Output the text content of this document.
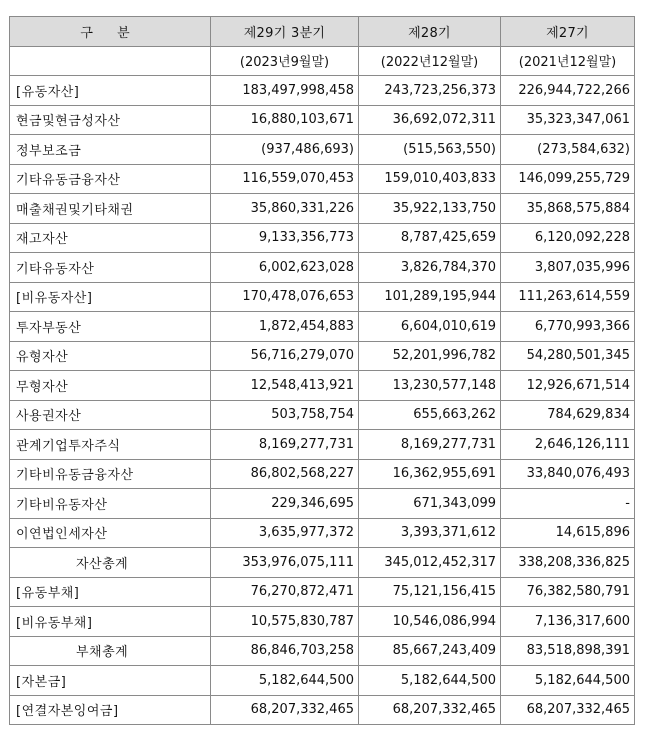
구 분	제29기 3분기	제28기	제27기
	(2023년9월말)	(2022년12월말)	(2021년12월말)
[유동자산]	183,497,998,458	243,723,256,373	226,944,722,266
현금및현금성자산	16,880,103,671	36,692,072,311	35,323,347,061
정부보조금	(937,486,693)	(515,563,550)	(273,584,632)
기타유동금융자산	116,559,070,453	159,010,403,833	146,099,255,729
매출채권및기타채권	35,860,331,226	35,922,133,750	35,868,575,884
재고자산	9,133,356,773	8,787,425,659	6,120,092,228
기타유동자산	6,002,623,028	3,826,784,370	3,807,035,996
[비유동자산]	170,478,076,653	101,289,195,944	111,263,614,559
투자부동산	1,872,454,883	6,604,010,619	6,770,993,366
유형자산	56,716,279,070	52,201,996,782	54,280,501,345
무형자산	12,548,413,921	13,230,577,148	12,926,671,514
사용권자산	503,758,754	655,663,262	784,629,834
관계기업투자주식	8,169,277,731	8,169,277,731	2,646,126,111
기타비유동금융자산	86,802,568,227	16,362,955,691	33,840,076,493
기타비유동자산	229,346,695	671,343,099	-
이연법인세자산	3,635,977,372	3,393,371,612	14,615,896
자산총계	353,976,075,111	345,012,452,317	338,208,336,825
[유동부채]	76,270,872,471	75,121,156,415	76,382,580,791
[비유동부채]	10,575,830,787	10,546,086,994	7,136,317,600
부채총계	86,846,703,258	85,667,243,409	83,518,898,391
[자본금]	5,182,644,500	5,182,644,500	5,182,644,500
[연결자본잉여금]	68,207,332,465	68,207,332,465	68,207,332,465
